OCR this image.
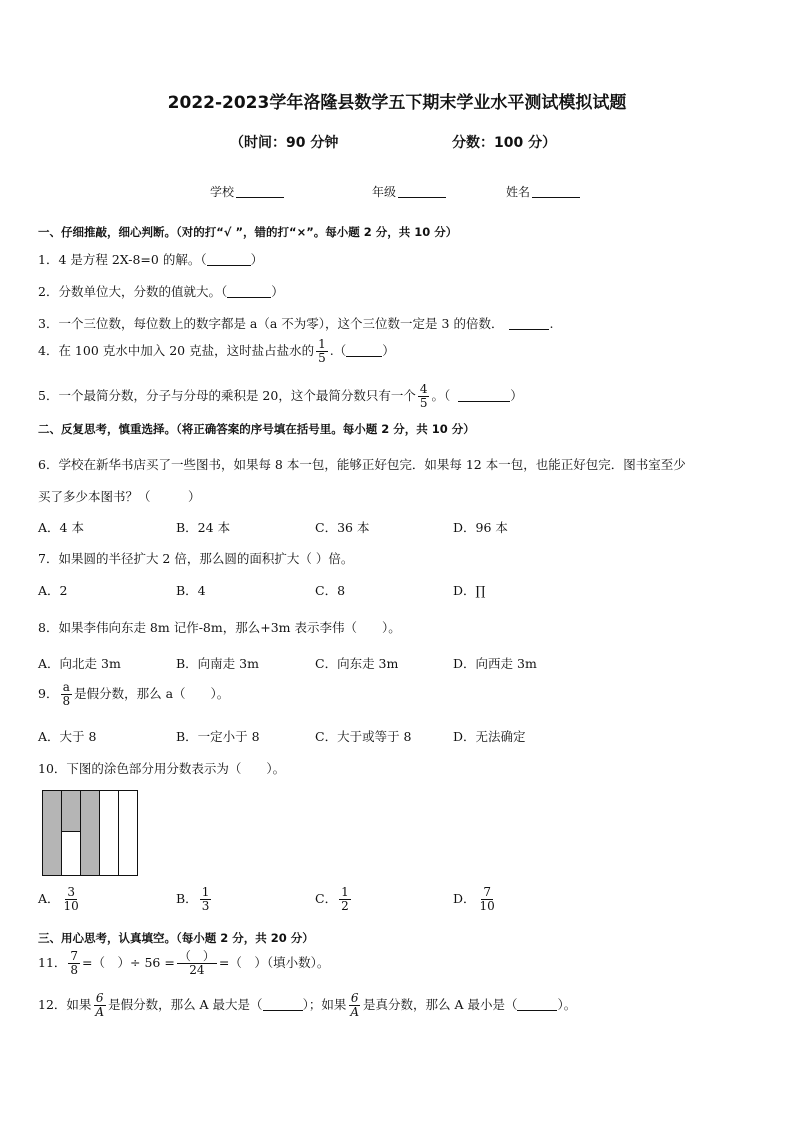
2022-2023学年洛隆县数学五下期末学业水平测试模拟试题
（时间：90 分钟	分数：100 分）
学校	年级	姓名
一、仔细推敲，细心判断。（对的打“√ ”，错的打“×”。每小题 2 分，共 10 分）
1．4 是方程 2X-8=0 的解。（	）
2．分数单位大，分数的值就大。（	）
3．一个三位数，每位数上的数字都是 a（a 不为零），这个三位数一定是 3 的倍数．	.
4．在 100 克水中加入 20 克盐，这时盐占盐水的 $\frac{1}{5}$ .（	）
5．一个最简分数，分子与分母的乘积是 20，这个最简分数只有一个 $\frac{4}{5}$ 。（	）
二、反复思考，慎重选择。（将正确答案的序号填在括号里。每小题 2 分，共 10 分）
6．学校在新华书店买了一些图书，如果每 8 本一包，能够正好包完．如果每 12 本一包，也能正好包完．图书室至少
买了多少本图书？（　　　）
A．4 本	B．24 本	C．36 本	D．96 本
7．如果圆的半径扩大 2 倍，那么圆的面积扩大（ ）倍。
A．2	B．4	C．8	D．∏
8．如果李伟向东走 8m 记作-8m，那么+3m 表示李伟（　　）。
A．向北走 3m	B．向南走 3m	C．向东走 3m	D．向西走 3m
9． $\frac{a}{8}$ 是假分数，那么 a（　　）。
A．大于 8	B．一定小于 8	C．大于或等于 8	D．无法确定
10．下图的涂色部分用分数表示为（　　）。
A． $\frac{3}{10}$	B． $\frac{1}{3}$	C． $\frac{1}{2}$	D． $\frac{7}{10}$
三、用心思考，认真填空。（每小题 2 分，共 20 分）
11． $\frac{7}{8}$ =（　）÷ $56 = \frac{( )}{24}$ =（　）（填小数）。
12．如果 $\frac{6}{A}$ 是假分数，那么 A 最大是（	）；如果 $\frac{6}{A}$ 是真分数，那么 A 最小是（	）。
